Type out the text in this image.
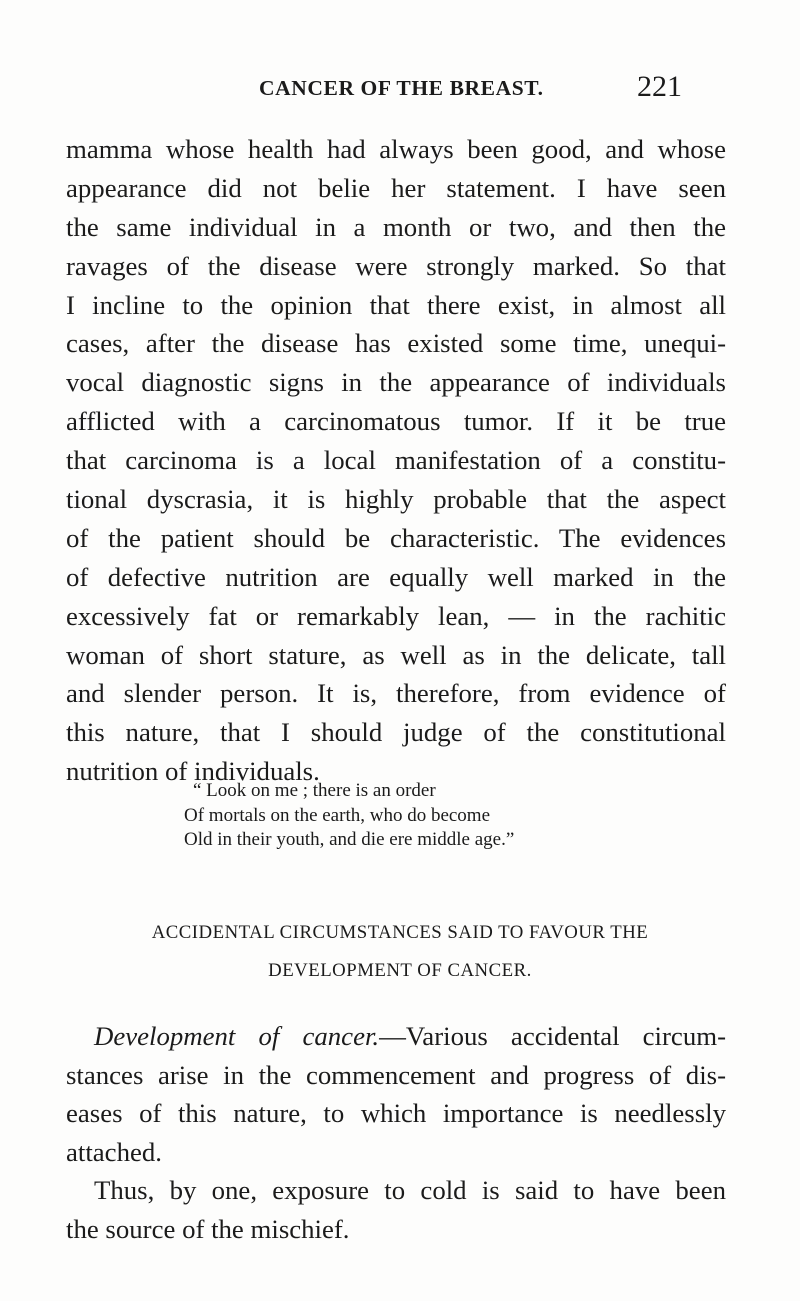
CANCER OF THE BREAST.	221
mamma whose health had always been good, and whose
appearance did not belie her statement. I have seen
the same individual in a month or two, and then the
ravages of the disease were strongly marked. So that
I incline to the opinion that there exist, in almost all
cases, after the disease has existed some time, unequi-
vocal diagnostic signs in the appearance of individuals
afflicted with a carcinomatous tumor. If it be true
that carcinoma is a local manifestation of a constitu-
tional dyscrasia, it is highly probable that the aspect
of the patient should be characteristic. The evidences
of defective nutrition are equally well marked in the
excessively fat or remarkably lean, — in the rachitic
woman of short stature, as well as in the delicate, tall
and slender person. It is, therefore, from evidence of
this nature, that I should judge of the constitutional
nutrition of individuals.
“ Look on me ; there is an order
Of mortals on the earth, who do become
Old in their youth, and die ere middle age.”
ACCIDENTAL CIRCUMSTANCES SAID TO FAVOUR THE
DEVELOPMENT OF CANCER.
Development of cancer.—Various accidental circum-
stances arise in the commencement and progress of dis-
eases of this nature, to which importance is needlessly
attached.
Thus, by one, exposure to cold is said to have been
the source of the mischief.
